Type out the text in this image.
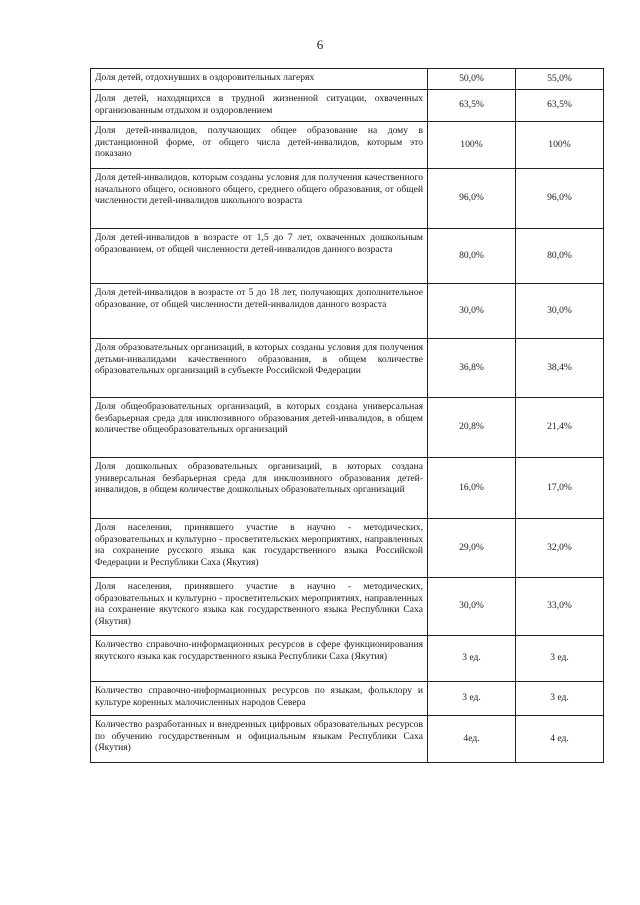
6
Доля детей, отдохнувших в оздоровительных лагерях	50,0%	55,0%
Доля детей, находящихся в трудной жизненной ситуации, охваченных организованным отдыхом и оздоровлением	63,5%	63,5%
Доля детей-инвалидов, получающих общее образование на дому в дистанционной форме, от общего числа детей-инвалидов, которым это показано	100%	100%
Доля детей-инвалидов, которым созданы условия для получения качественного начального общего, основного общего, среднего общего образования, от общей численности детей-инвалидов школьного возраста	96,0%	96,0%
Доля детей-инвалидов в возрасте от 1,5 до 7 лет, охваченных дошкольным образованием, от общей численности детей-инвалидов данного возраста	80,0%	80,0%
Доля детей-инвалидов в возрасте от 5 до 18 лет, получающих дополнительное образование, от общей численности детей-инвалидов данного возраста	30,0%	30,0%
Доля образовательных организаций, в которых созданы условия для получения детьми-инвалидами качественного образования, в общем количестве образовательных организаций в субъекте Российской Федерации	36,8%	38,4%
Доля общеобразовательных организаций, в которых создана универсальная безбарьерная среда для инклюзивного образования детей-инвалидов, в общем количестве общеобразовательных организаций	20,8%	21,4%
Доля дошкольных образовательных организаций, в которых создана универсальная безбарьерная среда для инклюзивного образования детей-инвалидов, в общем количестве дошкольных образовательных организаций	16,0%	17,0%
Доля населения, принявшего участие в научно - методических, образовательных и культурно - просветительских мероприятиях, направленных на сохранение русского языка как государственного языка Российской Федерации и Республики Саха (Якутия)	29,0%	32,0%
Доля населения, принявшего участие в научно - методических, образовательных и культурно - просветительских мероприятиях, направленных на сохранение якутского языка как государственного языка Республики Саха (Якутия)	30,0%	33,0%
Количество справочно-информационных ресурсов в сфере функционирования якутского языка как государственного языка Республики Саха (Якутия)	3 ед.	3 ед.
Количество справочно-информационных ресурсов по языкам, фольклору и культуре коренных малочисленных народов Севера	3 ед.	3 ед.
Количество разработанных и внедренных цифровых образовательных ресурсов по обучению государственным и официальным языкам Республики Саха (Якутия)	4ед.	4 ед.
